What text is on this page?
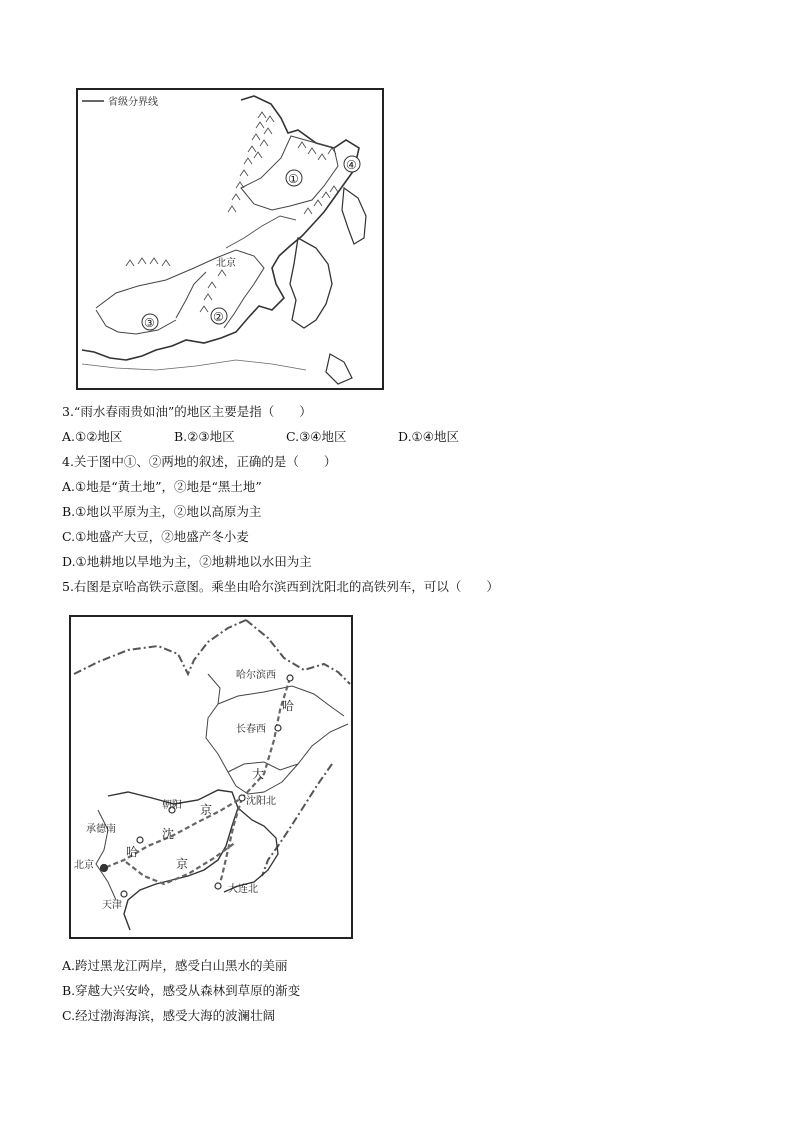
省级分界线
①
②
③
④
北京
3.“雨水春雨贵如油”的地区主要是指（　　）
A.①②地区	B.②③地区	C.③④地区	D.①④地区
4.关于图中①、②两地的叙述，正确的是（　　）
A.①地是“黄土地”，②地是“黑土地”
B.①地以平原为主，②地以高原为主
C.①地盛产大豆，②地盛产冬小麦
D.①地耕地以旱地为主，②地耕地以水田为主
5.右图是京哈高铁示意图。乘坐由哈尔滨西到沈阳北的高铁列车，可以（　　）
哈尔滨西
长春西
沈阳北
朝阳
承德南
北京
天津
大连北
哈
大
京
沈
京
哈
A.跨过黑龙江两岸，感受白山黑水的美丽
B.穿越大兴安岭，感受从森林到草原的渐变
C.经过渤海海滨，感受大海的波澜壮阔
